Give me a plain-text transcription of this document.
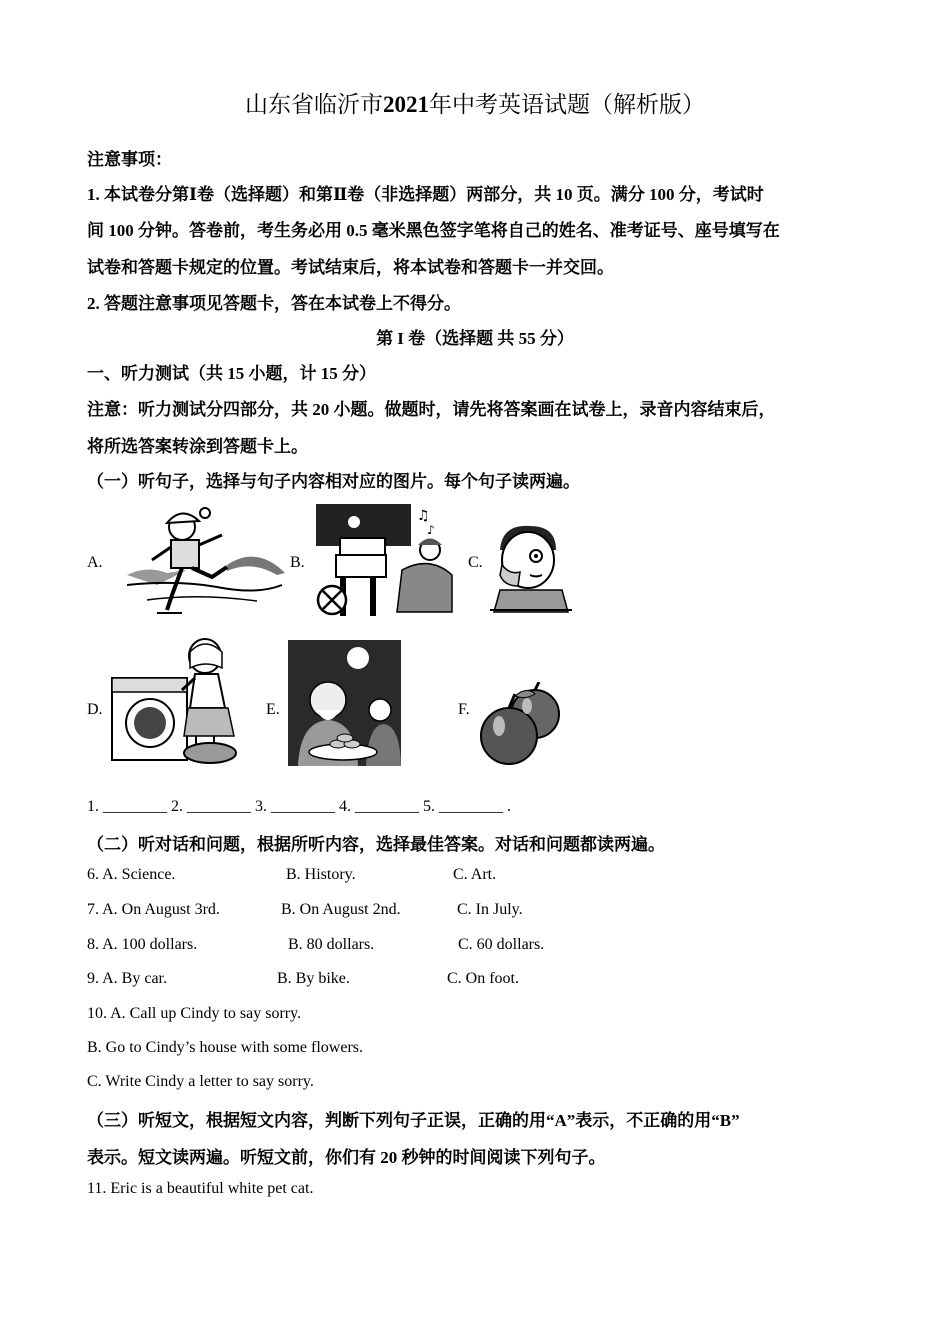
山东省临沂市2021年中考英语试题（解析版）
注意事项：
1. 本试卷分第Ⅰ卷（选择题）和第Ⅱ卷（非选择题）两部分，共 10 页。满分 100 分，考试时
间 100 分钟。答卷前，考生务必用 0.5 毫米黑色签字笔将自己的姓名、准考证号、座号填写在
试卷和答题卡规定的位置。考试结束后，将本试卷和答题卡一并交回。
2. 答题注意事项见答题卡，答在本试卷上不得分。
第 I 卷（选择题 共 55 分）
一、听力测试（共 15 小题，计 15 分）
注意：听力测试分四部分，共 20 小题。做题时，请先将答案画在试卷上，录音内容结束后，
将所选答案转涂到答题卡上。
（一）听句子，选择与句子内容相对应的图片。每个句子读两遍。
A.	B.
♫
♪
C.
D.	E.	F.
1. ________ 2. ________ 3. ________ 4. ________ 5. ________ .
（二）听对话和问题，根据所听内容，选择最佳答案。对话和问题都读两遍。
6. A. Science.	B. History.	C. Art.
7. A. On August 3rd.	B. On August 2nd.	C. In July.
8. A. 100 dollars.	B. 80 dollars.	C. 60 dollars.
9. A. By car.	B. By bike.	C. On foot.
10. A. Call up Cindy to say sorry.
B. Go to Cindy’s house with some flowers.
C. Write Cindy a letter to say sorry.
（三）听短文，根据短文内容，判断下列句子正误，正确的用“A”表示，不正确的用“B”
表示。短文读两遍。听短文前，你们有 20 秒钟的时间阅读下列句子。
11. Eric is a beautiful white pet cat.
